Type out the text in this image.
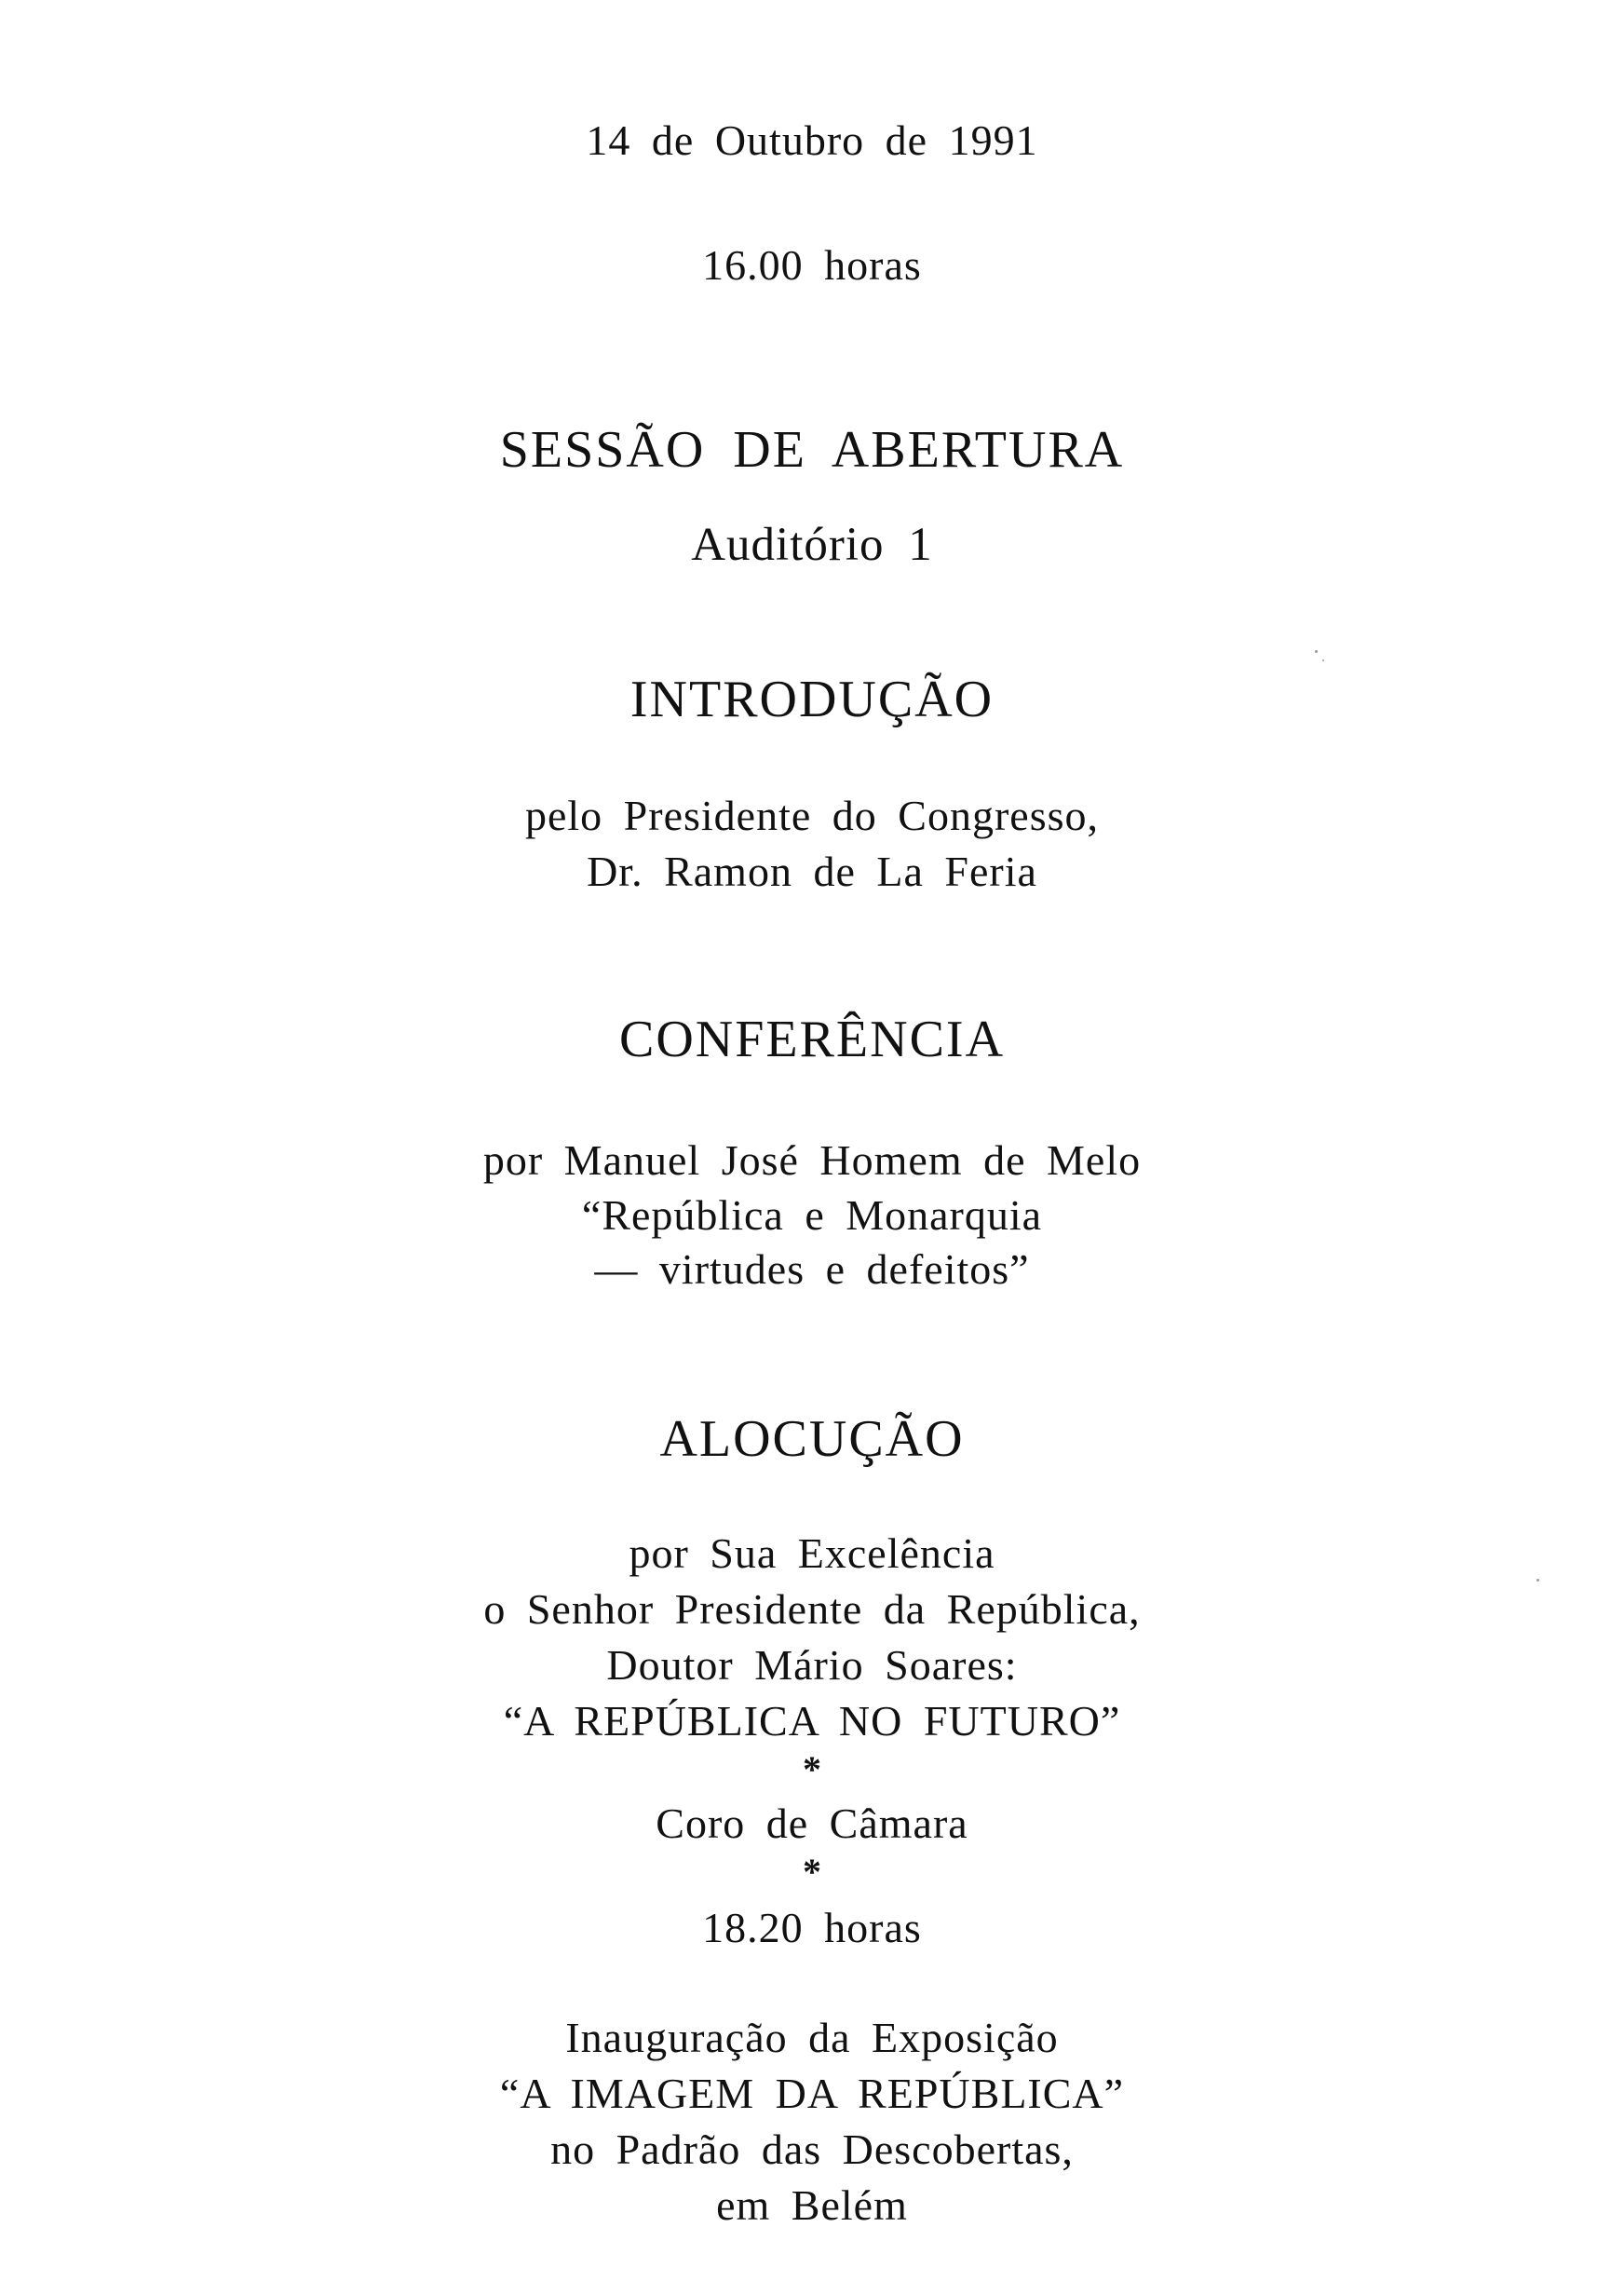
14 de Outubro de 1991
16.00 horas
SESSÃO DE ABERTURA
Auditório 1
INTRODUÇÃO
pelo Presidente do Congresso,
Dr. Ramon de La Feria
CONFERÊNCIA
por Manuel José Homem de Melo
“República e Monarquia
— virtudes e defeitos”
ALOCUÇÃO
por Sua Excelência
o Senhor Presidente da República,
Doutor Mário Soares:
“A REPÚBLICA NO FUTURO”
*
Coro de Câmara
*
18.20 horas
Inauguração da Exposição
“A IMAGEM DA REPÚBLICA”
no Padrão das Descobertas,
em Belém
